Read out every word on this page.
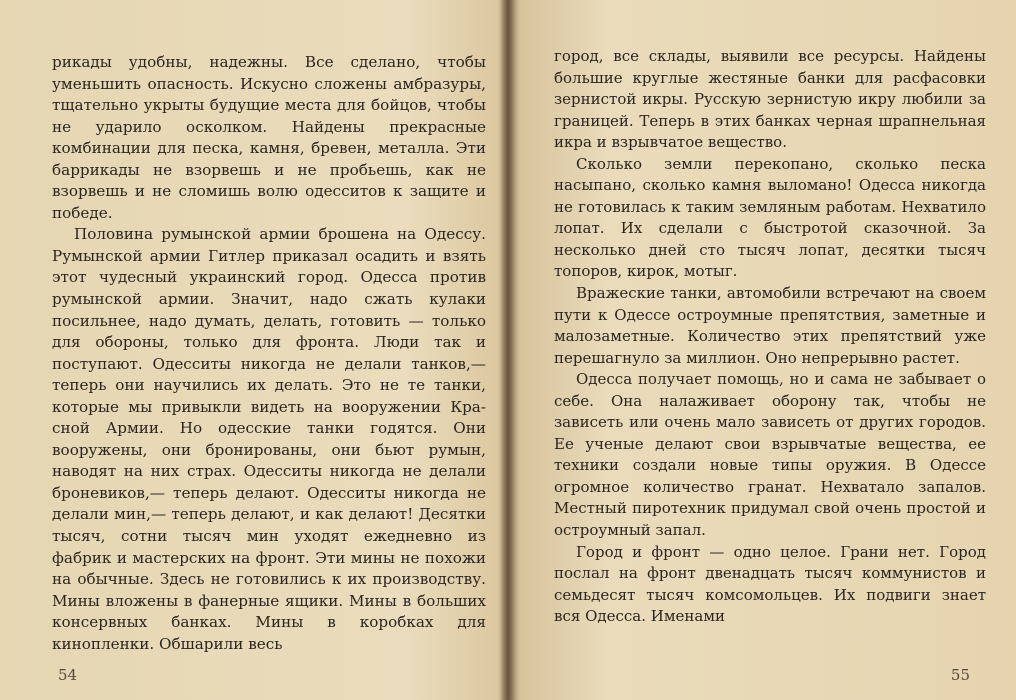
рикады удобны, надежны. Все сделано, чтобы уменьшить опасность. Искусно сложены амбразуры, тщательно укрыты будущие места для бойцов, чтобы не ударило осколком. Найдены прекрасные комбинации для песка, камня, бревен, металла. Эти баррикады не взорвешь и не пробьешь, как не взорвешь и не сломишь волю одесситов к защите и победе.

Половина румынской армии брошена на Одессу. Румынской армии Гитлер приказал осадить и взять этот чудесный украинский город. Одесса против румынской армии. Значит, надо сжать кулаки посильнее, надо думать, делать, готовить — только для обороны, только для фронта. Люди так и поступают. Одесситы никогда не делали танков,— теперь они научились их делать. Это не те танки, которые мы привыкли видеть на вооружении Красной Армии. Но одесские танки годятся. Они вооружены, они бронированы, они бьют румын, наводят на них страх. Одесситы никогда не делали броневиков,— теперь делают. Одесситы никогда не делали мин,— теперь делают, и как делают! Десятки тысяч, сотни тысяч мин уходят ежедневно из фабрик и мастерских на фронт. Эти мины не похожи на обычные. Здесь не готовились к их производству. Мины вложены в фанерные ящики. Мины в больших консервных банках. Мины в коробках для кинопленки. Обшарили весь

54

город, все склады, выявили все ресурсы. Найдены большие круглые жестяные банки для расфасовки зернистой икры. Русскую зернистую икру любили за границей. Теперь в этих банках черная шрапнельная икра и взрывчатое вещество.

Сколько земли перекопано, сколько песка насыпано, сколько камня выломано! Одесса никогда не готовилась к таким земляным работам. Нехватило лопат. Их сделали с быстротой сказочной. За несколько дней сто тысяч лопат, десятки тысяч топоров, кирок, мотыг.

Вражеские танки, автомобили встречают на своем пути к Одессе остроумные препятствия, заметные и малозаметные. Количество этих препятствий уже перешагнуло за миллион. Оно непрерывно растет.

Одесса получает помощь, но и сама не забывает о себе. Она налаживает оборону так, чтобы не зависеть или очень мало зависеть от других городов. Ее ученые делают свои взрывчатые вещества, ее техники создали новые типы оружия. В Одессе огромное количество гранат. Нехватало запалов. Местный пиротехник придумал свой очень простой и остроумный запал.

Город и фронт — одно целое. Грани нет. Город послал на фронт двенадцать тысяч коммунистов и семьдесят тысяч комсомольцев. Их подвиги знает вся Одесса. Именами

55
